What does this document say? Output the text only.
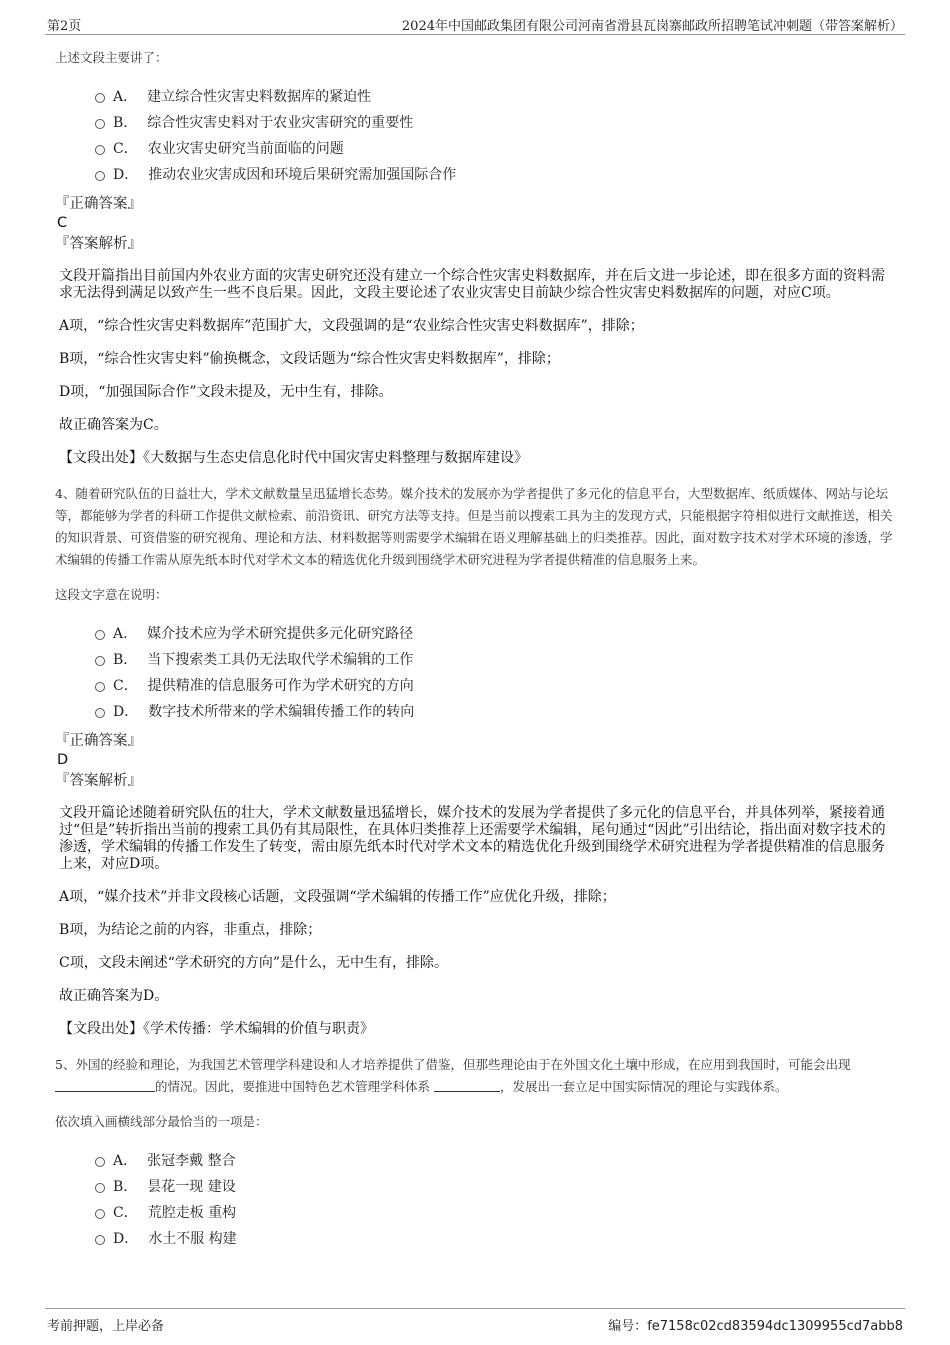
第2页	2024年中国邮政集团有限公司河南省滑县瓦岗寨邮政所招聘笔试冲刺题（带答案解析）

上述文段主要讲了：

A． 建立综合性灾害史料数据库的紧迫性
B． 综合性灾害史料对于农业灾害研究的重要性
C． 农业灾害史研究当前面临的问题
D． 推动农业灾害成因和环境后果研究需加强国际合作

『正确答案』

C

『答案解析』

文段开篇指出目前国内外农业方面的灾害史研究还没有建立一个综合性灾害史料数据库，并在后文进一步论述，即在很多方面的资料需求无法得到满足以致产生一些不良后果。因此，文段主要论述了农业灾害史目前缺少综合性灾害史料数据库的问题，对应C项。

A项，“综合性灾害史料数据库”范围扩大，文段强调的是“农业综合性灾害史料数据库”，排除；

B项，“综合性灾害史料”偷换概念，文段话题为“综合性灾害史料数据库”，排除；

D项，“加强国际合作”文段未提及，无中生有，排除。

故正确答案为C。

【文段出处】《大数据与生态史信息化时代中国灾害史料整理与数据库建设》

4、随着研究队伍的日益壮大，学术文献数量呈迅猛增长态势。媒介技术的发展亦为学者提供了多元化的信息平台，大型数据库、纸质媒体、网站与论坛等，都能够为学者的科研工作提供文献检索、前沿资讯、研究方法等支持。但是当前以搜索工具为主的发现方式，只能根据字符相似进行文献推送，相关的知识背景、可资借鉴的研究视角、理论和方法、材料数据等则需要学术编辑在语义理解基础上的归类推荐。因此，面对数字技术对学术环境的渗透，学术编辑的传播工作需从原先纸本时代对学术文本的精选优化升级到围绕学术研究进程为学者提供精准的信息服务上来。

这段文字意在说明：

A． 媒介技术应为学术研究提供多元化研究路径
B． 当下搜索类工具仍无法取代学术编辑的工作
C． 提供精准的信息服务可作为学术研究的方向
D． 数字技术所带来的学术编辑传播工作的转向

『正确答案』

D

『答案解析』

文段开篇论述随着研究队伍的壮大，学术文献数量迅猛增长，媒介技术的发展为学者提供了多元化的信息平台，并具体列举，紧接着通过“但是”转折指出当前的搜索工具仍有其局限性，在具体归类推荐上还需要学术编辑，尾句通过“因此”引出结论，指出面对数字技术的渗透，学术编辑的传播工作发生了转变，需由原先纸本时代对学术文本的精选优化升级到围绕学术研究进程为学者提供精准的信息服务上来，对应D项。

A项，“媒介技术”并非文段核心话题，文段强调“学术编辑的传播工作”应优化升级，排除；

B项，为结论之前的内容，非重点，排除；

C项，文段未阐述“学术研究的方向”是什么，无中生有，排除。

故正确答案为D。

【文段出处】《学术传播：学术编辑的价值与职责》

5、外国的经验和理论，为我国艺术管理学科建设和人才培养提供了借鉴，但那些理论由于在外国文化土壤中形成，在应用到我国时，可能会出现的情况。因此，要推进中国特色艺术管理学科体系	，发展出一套立足中国实际情况的理论与实践体系。

依次填入画横线部分最恰当的一项是：

A． 张冠李戴 整合
B． 昙花一现 建设
C． 荒腔走板 重构
D． 水土不服 构建
考前押题，上岸必备	编号：fe7158c02cd83594dc1309955cd7abb8
